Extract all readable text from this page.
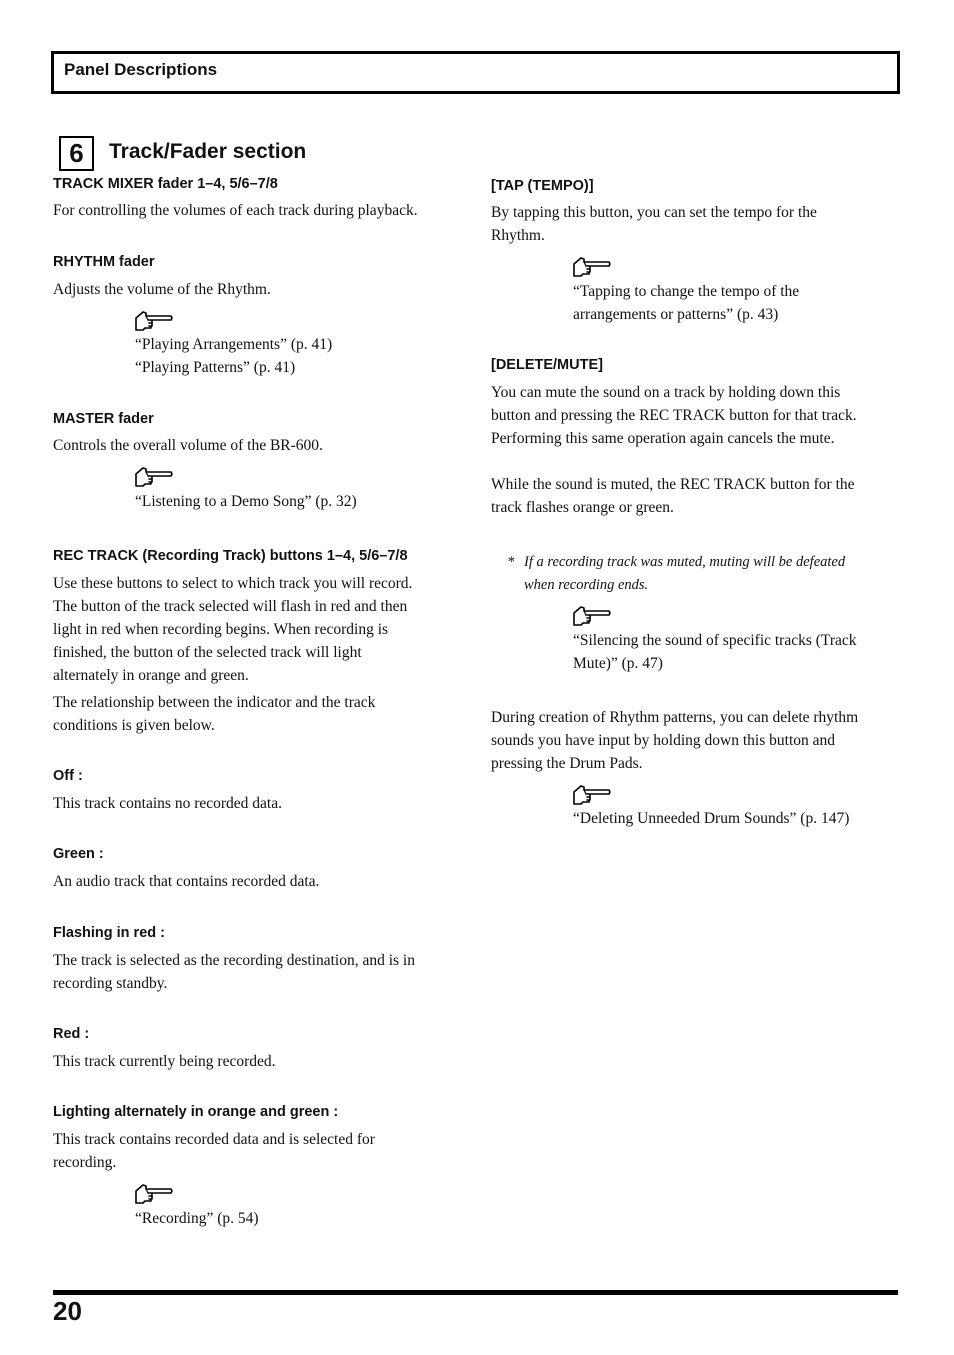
Panel Descriptions
6	Track/Fader section
TRACK MIXER fader 1–4, 5/6–7/8
For controlling the volumes of each track during playback.
RHYTHM fader
Adjusts the volume of the Rhythm.
“Playing Arrangements” (p. 41)
“Playing Patterns” (p. 41)
MASTER fader
Controls the overall volume of the BR-600.
“Listening to a Demo Song” (p. 32)
REC TRACK (Recording Track) buttons 1–4, 5/6–7/8
Use these buttons to select to which track you will record.
The button of the track selected will flash in red and then
light in red when recording begins. When recording is
finished, the button of the selected track will light
alternately in orange and green.
The relationship between the indicator and the track
conditions is given below.
Off :
This track contains no recorded data.
Green :
An audio track that contains recorded data.
Flashing in red :
The track is selected as the recording destination, and is in
recording standby.
Red :
This track currently being recorded.
Lighting alternately in orange and green :
This track contains recorded data and is selected for
recording.
“Recording” (p. 54)
[TAP (TEMPO)]
By tapping this button, you can set the tempo for the
Rhythm.
“Tapping to change the tempo of the
arrangements or patterns” (p. 43)
[DELETE/MUTE]
You can mute the sound on a track by holding down this
button and pressing the REC TRACK button for that track.
Performing this same operation again cancels the mute.
While the sound is muted, the REC TRACK button for the
track flashes orange or green.
* If a recording track was muted, muting will be defeated
when recording ends.
“Silencing the sound of specific tracks (Track
Mute)” (p. 47)
During creation of Rhythm patterns, you can delete rhythm
sounds you have input by holding down this button and
pressing the Drum Pads.
“Deleting Unneeded Drum Sounds” (p. 147)
20
